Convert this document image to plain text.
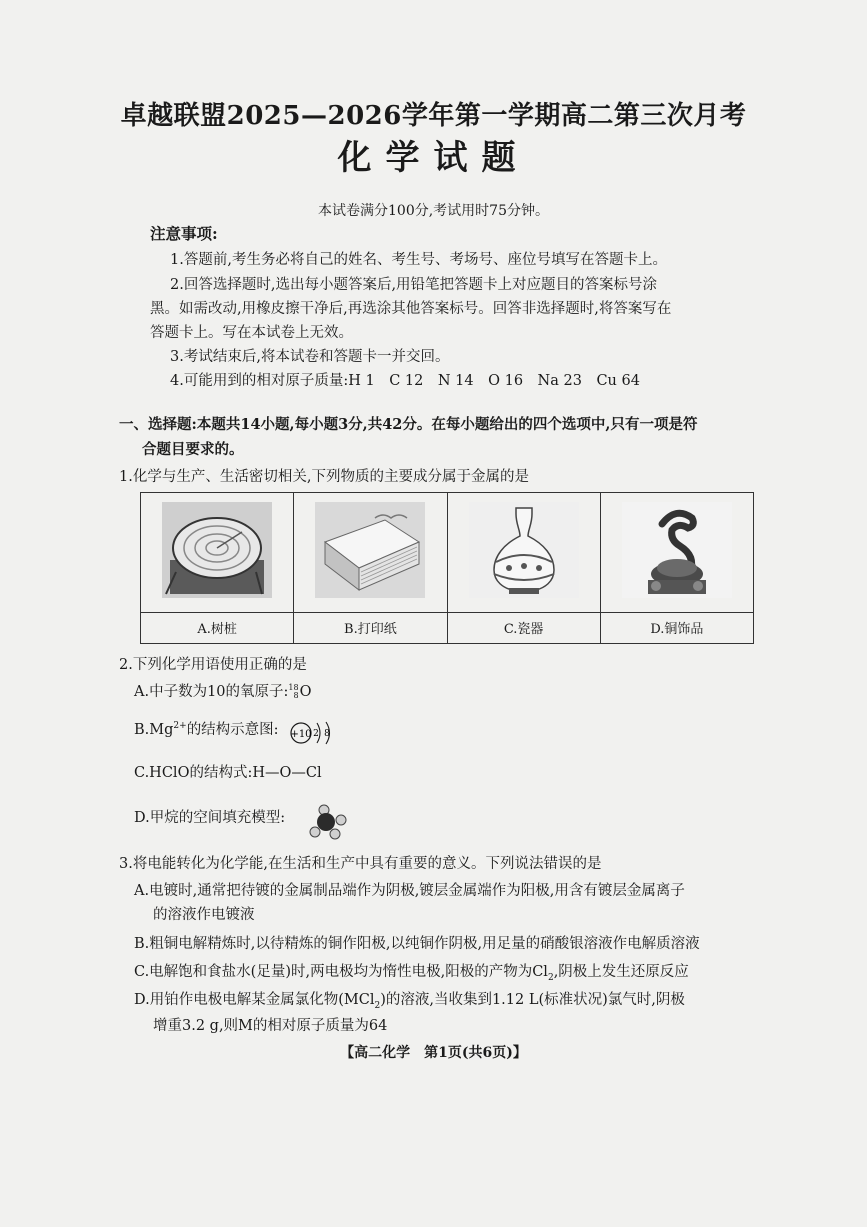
卓越联盟2025—2026学年第一学期高二第三次月考
化学试题
本试卷满分100分,考试用时75分钟。
注意事项:
1.答题前,考生务必将自己的姓名、考生号、考场号、座位号填写在答题卡上。
2.回答选择题时,选出每小题答案后,用铅笔把答题卡上对应题目的答案标号涂
黑。如需改动,用橡皮擦干净后,再选涂其他答案标号。回答非选择题时,将答案写在
答题卡上。写在本试卷上无效。
3.考试结束后,将本试卷和答题卡一并交回。
4.可能用到的相对原子质量:H 1　C 12　N 14　O 16　Na 23　Cu 64
一、选择题:本题共14小题,每小题3分,共42分。在每小题给出的四个选项中,只有一项是符
合题目要求的。
1.化学与生产、生活密切相关,下列物质的主要成分属于金属的是

A.树桩	B.打印纸	C.瓷器	D.铜饰品
2.下列化学用语使用正确的是
A.中子数为10的氧原子:18
8O
$B.Mg^{2+}$的结构示意图: +10 2 8
C.HClO的结构式:H—O—Cl
D.甲烷的空间填充模型:
3.将电能转化为化学能,在生活和生产中具有重要的意义。下列说法错误的是
A.电镀时,通常把待镀的金属制品端作为阴极,镀层金属端作为阳极,用含有镀层金属离子
的溶液作电镀液
B.粗铜电解精炼时,以待精炼的铜作阳极,以纯铜作阴极,用足量的硝酸银溶液作电解质溶液
C.电解饱和食盐水(足量)时,两电极均为惰性电极,阳极的产物为$Cl_2$,阴极上发生还原反应
D.用铂作电极电解某金属氯化物(MCl$_2$)的溶液,当收集到1.12 L(标准状况)氯气时,阴极
增重3.2 g,则M的相对原子质量为64
【高二化学　第1页(共6页)】
